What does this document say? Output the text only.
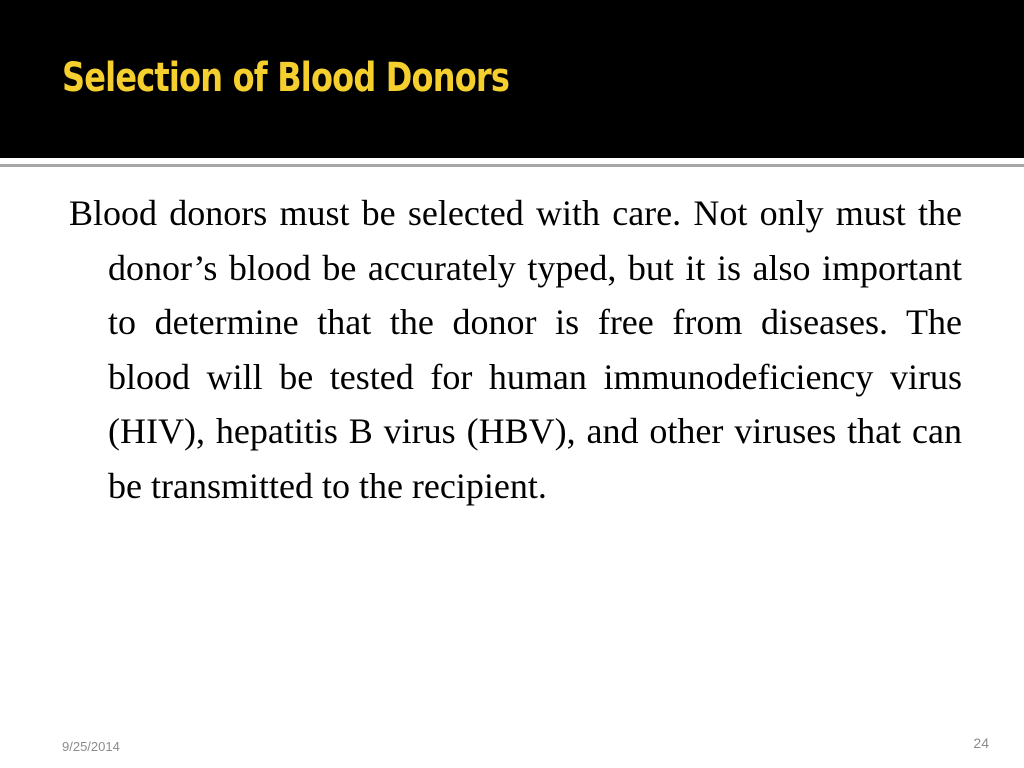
Selection of Blood Donors

Blood donors must be selected with care. Not only must the donor’s blood be accurately typed, but it is also important to determine that the donor is free from diseases. The blood will be tested for human immunodeficiency virus (HIV), hepatitis B virus (HBV), and other viruses that can be transmitted to the recipient.

9/25/2014	24
